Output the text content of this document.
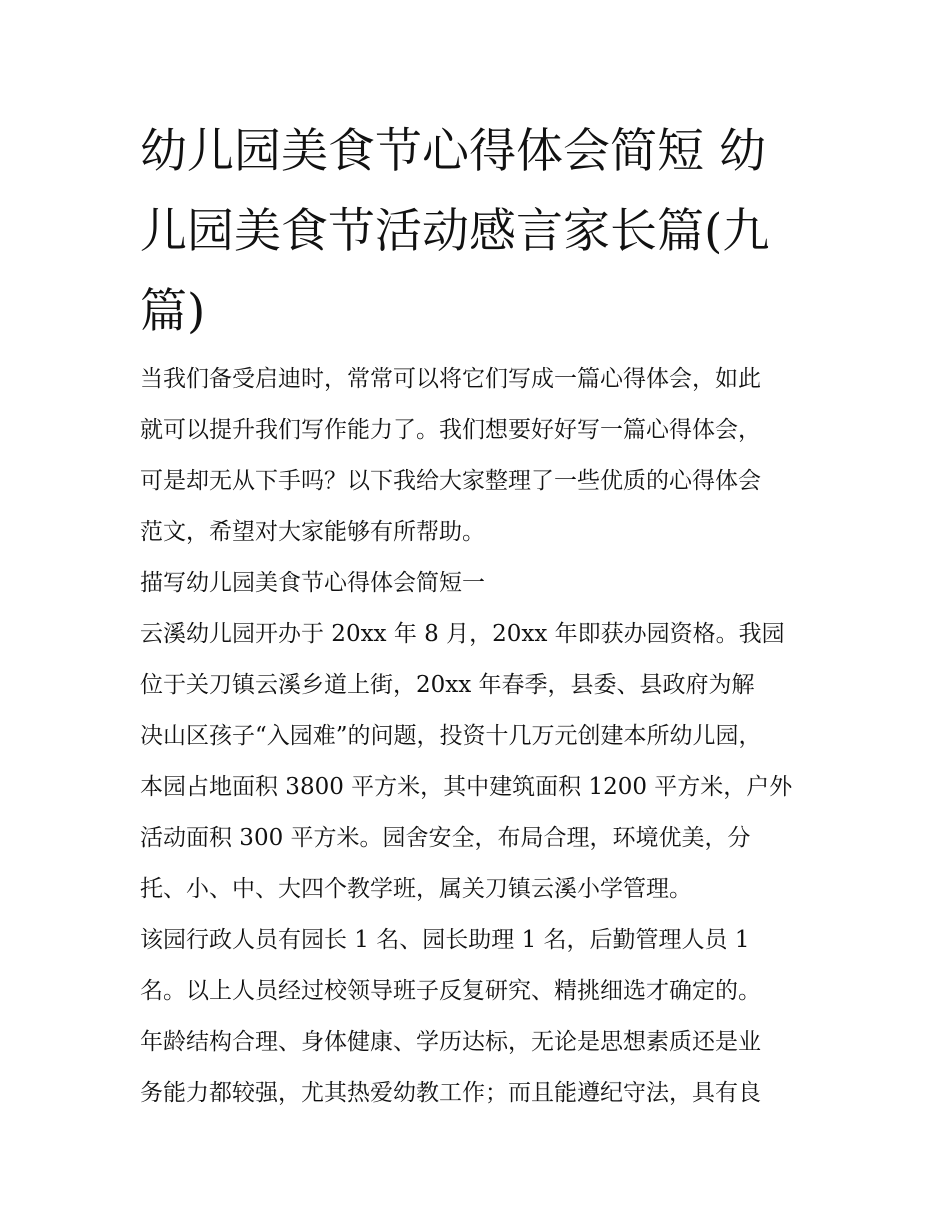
幼儿园美食节心得体会简短 幼
儿园美食节活动感言家长篇(九
篇)
当我们备受启迪时，常常可以将它们写成一篇心得体会，如此
就可以提升我们写作能力了。我们想要好好写一篇心得体会，
可是却无从下手吗？以下我给大家整理了一些优质的心得体会
范文，希望对大家能够有所帮助。
描写幼儿园美食节心得体会简短一
云溪幼儿园开办于 20xx 年 8 月，20xx 年即获办园资格。我园
位于关刀镇云溪乡道上街，20xx 年春季，县委、县政府为解
决山区孩子“入园难”的问题，投资十几万元创建本所幼儿园，
本园占地面积 3800 平方米，其中建筑面积 1200 平方米，户外
活动面积 300 平方米。园舍安全，布局合理，环境优美，分
托、小、中、大四个教学班，属关刀镇云溪小学管理。
该园行政人员有园长 1 名、园长助理 1 名，后勤管理人员 1
名。以上人员经过校领导班子反复研究、精挑细选才确定的。
年龄结构合理、身体健康、学历达标，无论是思想素质还是业
务能力都较强，尤其热爱幼教工作；而且能遵纪守法，具有良
